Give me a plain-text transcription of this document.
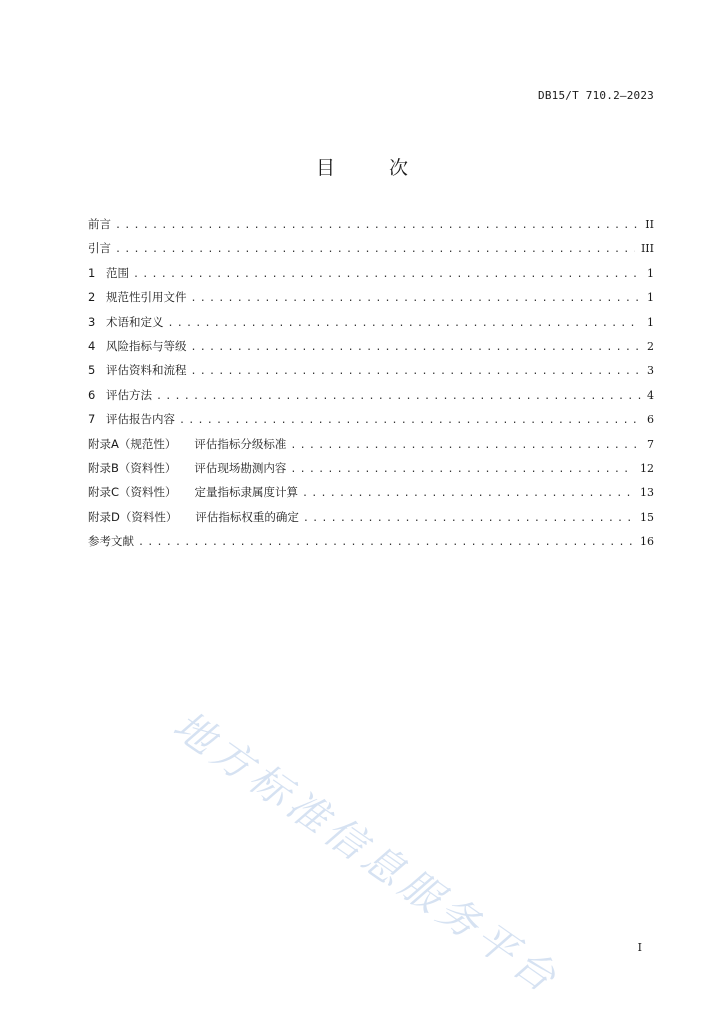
DB15/T 710.2—2023
目	次
前言 . . .	II
引言 . . .	III
1 范围 . . .	1
2 规范性引用文件 . . .	1
3 术语和定义 . . .	1
4 风险指标与等级 . . .	2
5 评估资料和流程 . . .	3
6 评估方法 . . .	4
7 评估报告内容 . . .	6
附录A（规范性） 评估指标分级标准 . . .	7
附录B（资料性） 评估现场勘测内容 . . .	12
附录C（资料性） 定量指标隶属度计算 . . .	13
附录D（资料性） 评估指标权重的确定 . . .	15
参考文献 . . .	16
地方标准信息服务平台	I
